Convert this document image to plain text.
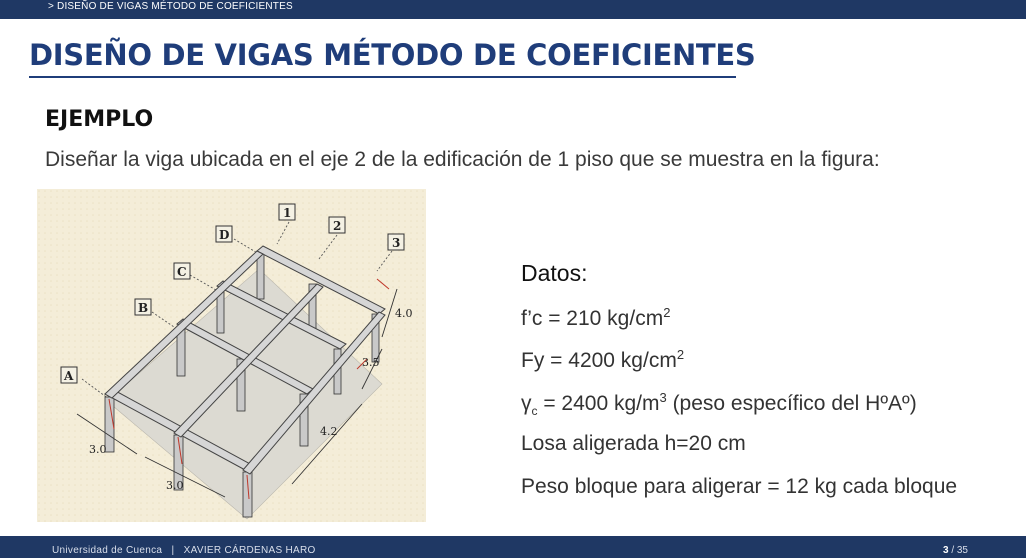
> DISEÑO DE VIGAS MÉTODO DE COEFICIENTES
DISEÑO DE VIGAS MÉTODO DE COEFICIENTES
EJEMPLO
Diseñar la viga ubicada en el eje 2 de la edificación de 1 piso que se muestra en la figura:
1
2
3
A
B
C
D
4.0
3.5
4.2
3.0
3.0
Datos:
f’c = 210 $kg/cm^2$
Fy = 4200 $kg/cm^2$
$\gamma_c = 2400$ $kg/m^3$ (peso específico del HºAº)
Losa aligerada h=20 cm
Peso bloque para aligerar = 12 kg cada bloque
Universidad de Cuenca | XAVIER CÁRDENAS HARO	3 / 35
